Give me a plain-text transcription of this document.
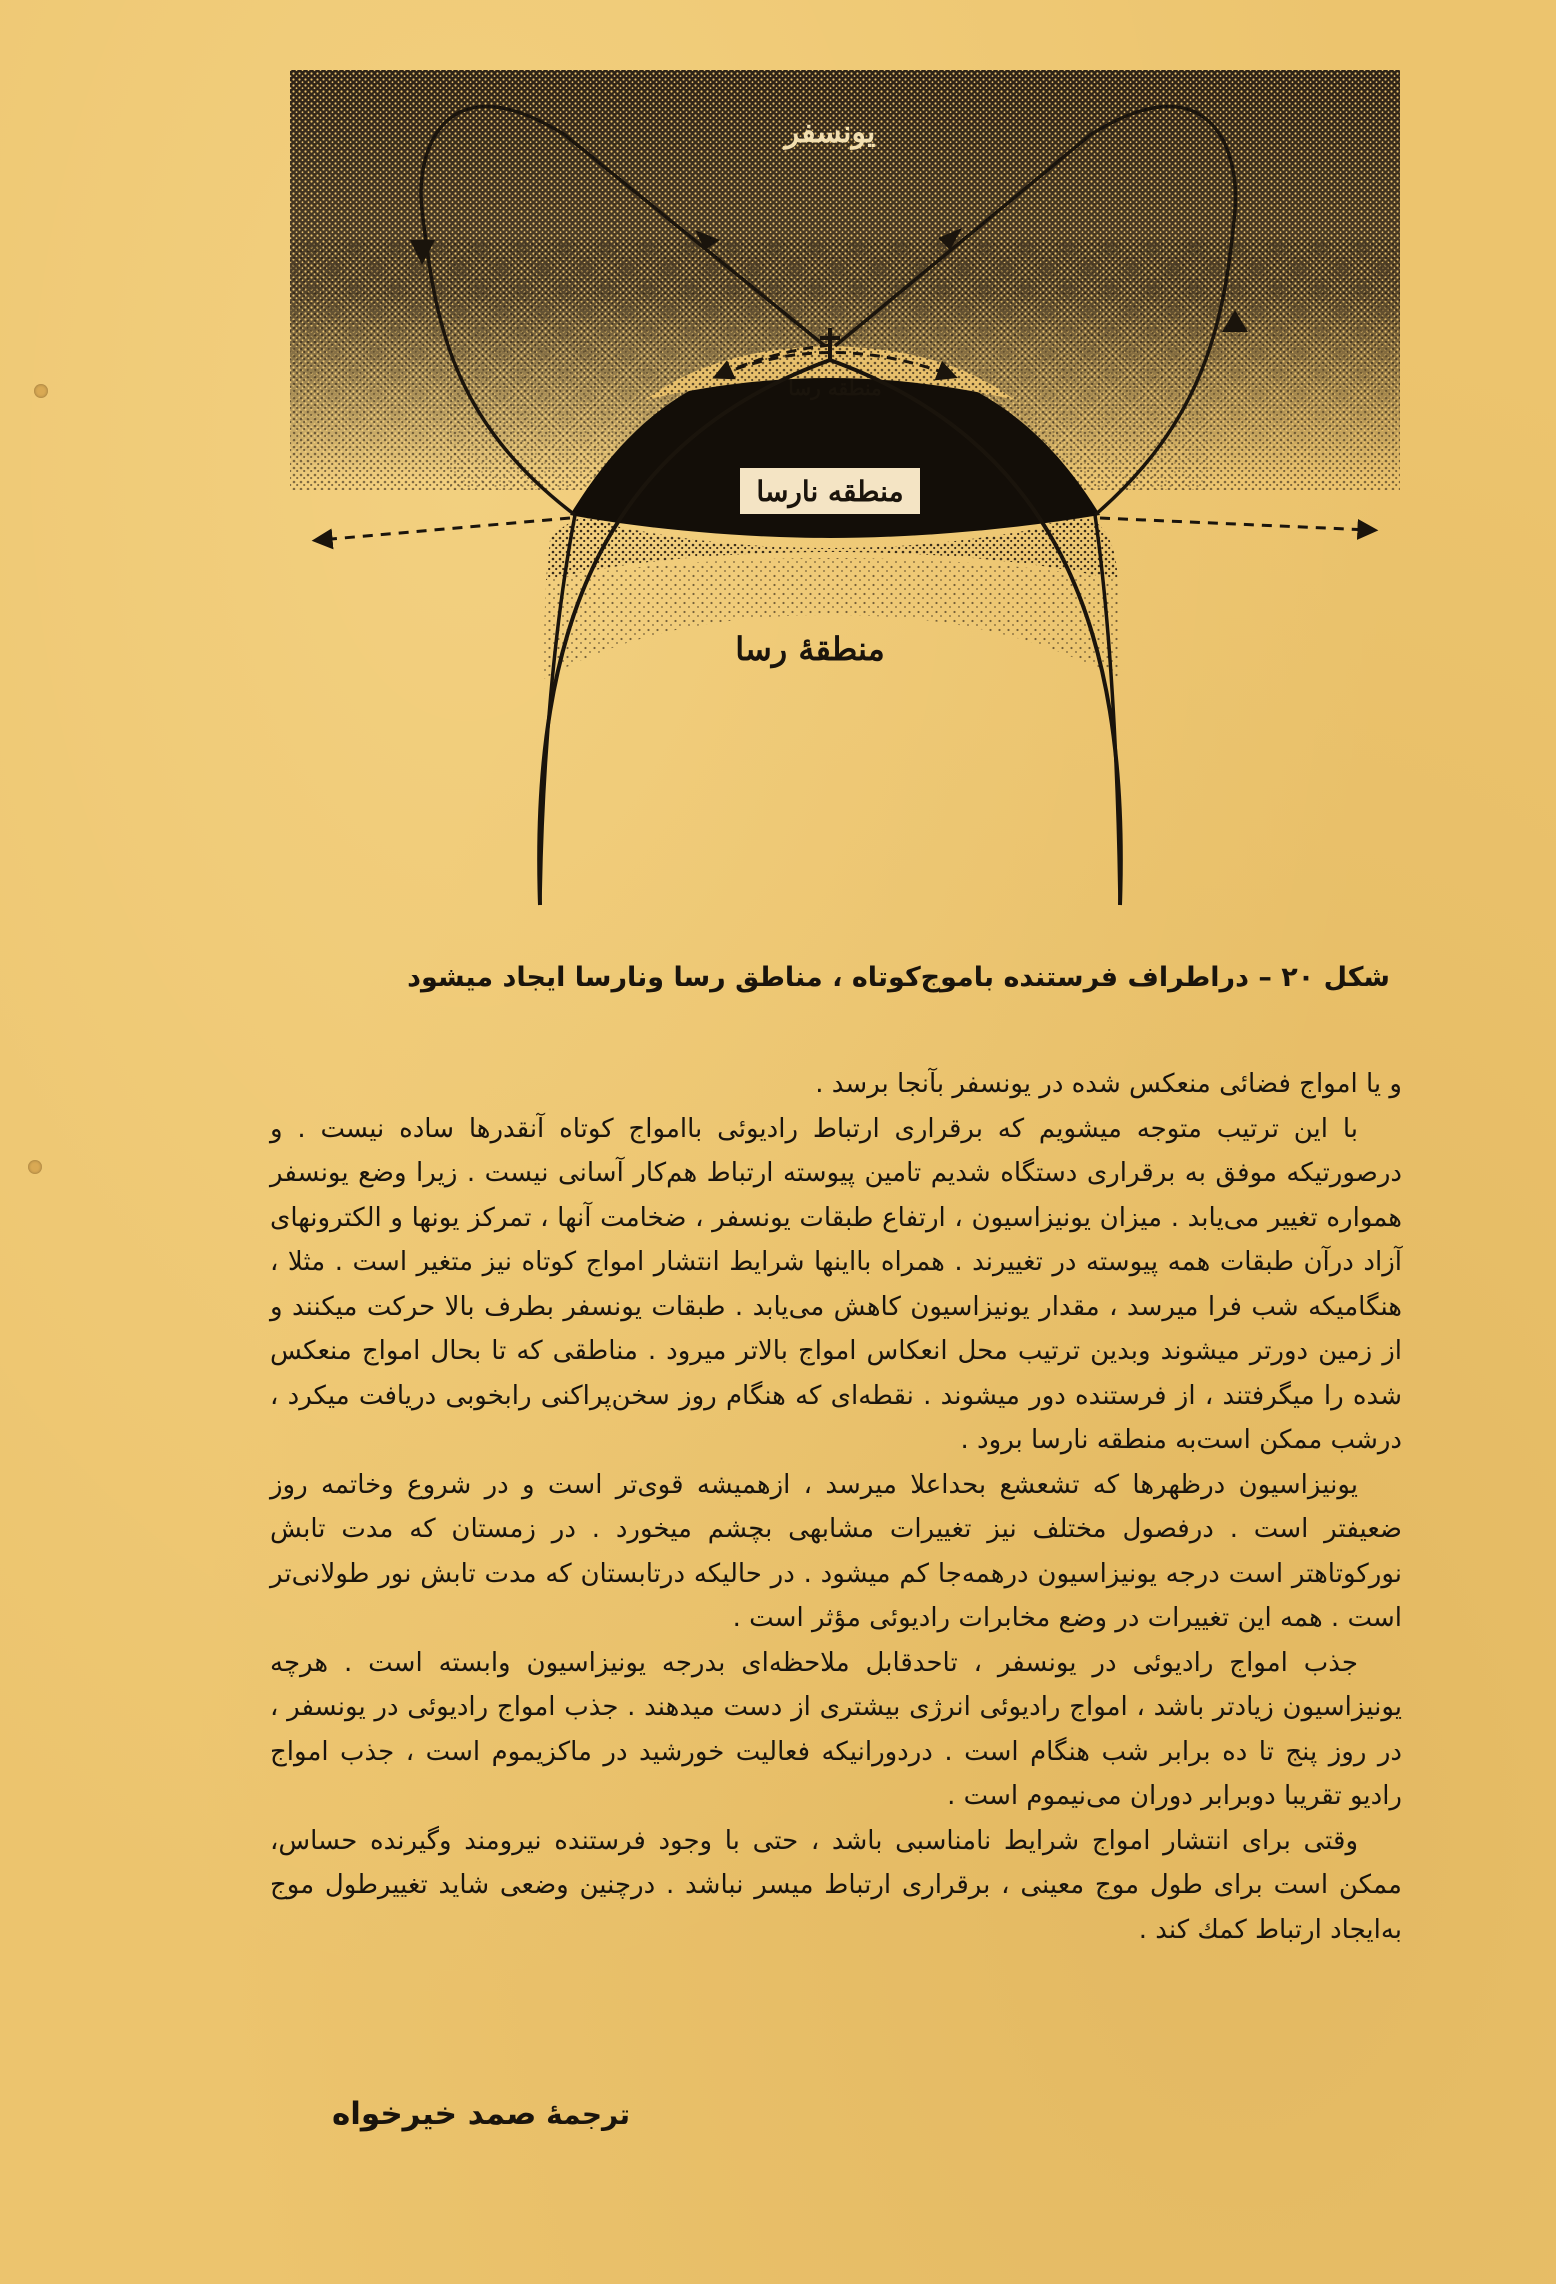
منطقه نارسا
منطقه رسا
منطقهٔ رسا
یونسفر
شکل ۲۰ – دراطراف فرستنده باموج‌کوتاه ، مناطق رسا ونارسا ایجاد میشود

و یا امواج فضائی منعکس شده در یونسفر بآنجا برسد .

با این ترتیب متوجه میشویم که برقراری ارتباط رادیوئی باامواج کوتاه آنقدرها ساده نیست . و درصورتیکه موفق به برقراری دستگاه شدیم تامین پیوسته ارتباط هم‌کار آسانی نیست . زیرا وضع یونسفر همواره تغییر می‌یابد . میزان یونیزاسیون ، ارتفاع طبقات یونسفر ، ضخامت آنها ، تمرکز یونها و الکترونهای آزاد درآن طبقات همه پیوسته در تغییرند . همراه بااینها شرایط انتشار امواج کوتاه نیز متغیر است . مثلا ، هنگامیکه شب فرا میرسد ، مقدار یونیزاسیون کاهش می‌یابد . طبقات یونسفر بطرف بالا حرکت میکنند و از زمین دورتر میشوند وبدین ترتیب محل انعکاس امواج بالاتر میرود . مناطقی که تا بحال امواج منعکس شده را میگرفتند ، از فرستنده دور میشوند . نقطه‌ای که هنگام روز سخن‌پراکنی رابخوبی دریافت میکرد ، درشب ممکن است‌به منطقه نارسا برود .

یونیزاسیون درظهرها که تشعشع بحداعلا میرسد ، ازهمیشه قوی‌تر است و در شروع وخاتمه روز ضعیفتر است . درفصول مختلف نیز تغییرات مشابهی بچشم میخورد . در زمستان که مدت تابش نورکوتاهتر است درجه یونیزاسیون درهمه‌جا کم میشود . در حالیکه درتابستان که مدت تابش نور طولانی‌تر است . همه این تغییرات در وضع مخابرات رادیوئی مؤثر است .

جذب امواج رادیوئی در یونسفر ، تاحدقابل ملاحظه‌ای بدرجه یونیزاسیون وابسته است . هرچه یونیزاسیون زیادتر باشد ، امواج رادیوئی انرژی بیشتری از دست میدهند . جذب امواج رادیوئی در یونسفر ، در روز پنج تا ده برابر شب هنگام است . دردورانیکه فعالیت خورشید در ماکزیموم است ، جذب امواج رادیو تقریبا دوبرابر دوران می‌نیموم است .

وقتی برای انتشار امواج شرایط نامناسبی باشد ، حتی با وجود فرستنده نیرومند وگیرنده حساس، ممکن است برای طول موج معینی ، برقراری ارتباط میسر نباشد . درچنین وضعی شاید تغییرطول موج به‌ایجاد ارتباط کمك کند .

ترجمهٔ صمد خیرخواه
